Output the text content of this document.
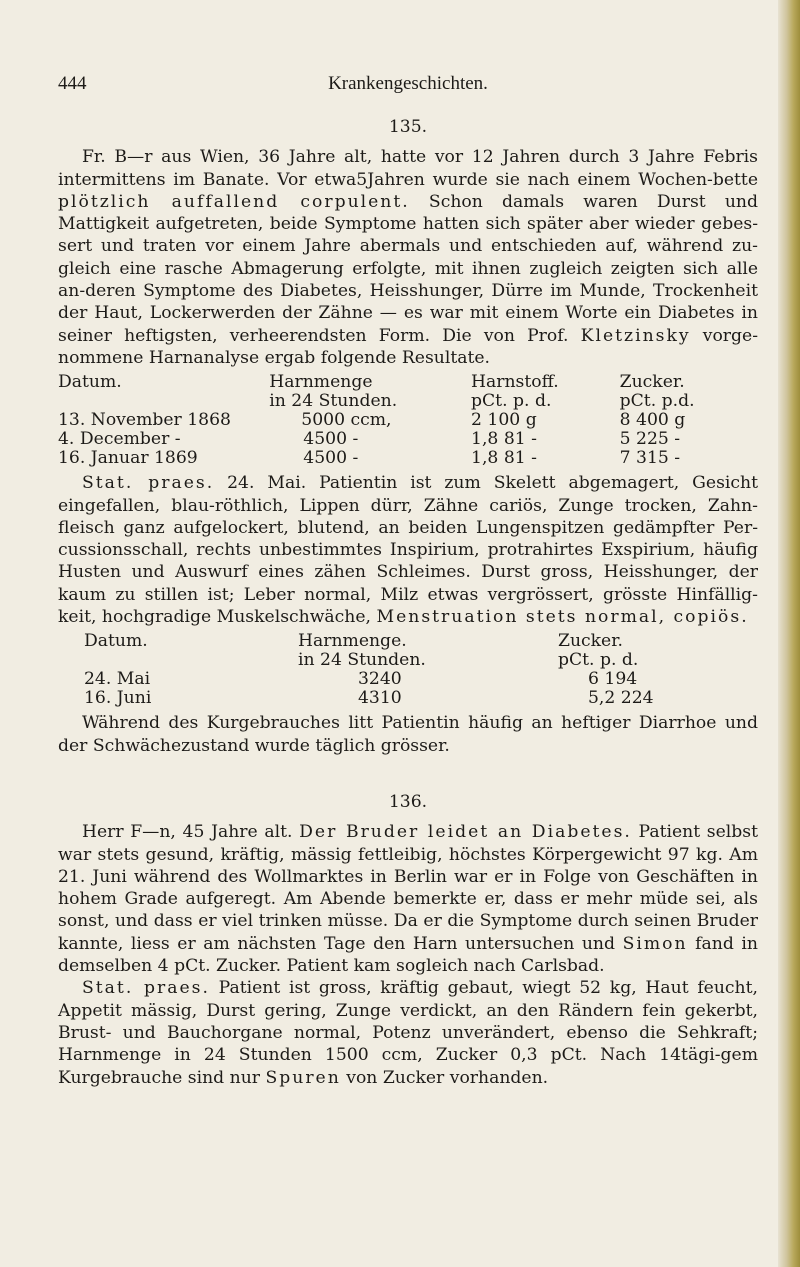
444	Krankengeschichten.
135.

Fr. B—r aus Wien, 36 Jahre alt, hatte vor 12 Jahren durch 3 Jahre Febris intermittens im Banate. Vor etwa5Jahren wurde sie nach einem Wochen-bette plötzlich auffallend corpulent. Schon damals waren Durst und Mattigkeit aufgetreten, beide Symptome hatten sich später aber wieder gebes-sert und traten vor einem Jahre abermals und entschieden auf, während zu-gleich eine rasche Abmagerung erfolgte, mit ihnen zugleich zeigten sich alle an-deren Symptome des Diabetes, Heisshunger, Dürre im Munde, Trockenheit der Haut, Lockerwerden der Zähne — es war mit einem Worte ein Diabetes in seiner heftigsten, verheerendsten Form. Die von Prof. Kletzinsky vorge-nommene Harnanalyse ergab folgende Resultate.

Datum.	Harnmenge	Harnstoff.	Zucker.
	in 24 Stunden.	pCt. p. d.	pCt. p.d.
13. November 1868	5000 ccm,	2 100 g	8 400 g
4. December -	4500 -	1,8 81 -	5 225 -
16. Januar 1869	4500 -	1,8 81 -	7 315 -

Stat. praes. 24. Mai. Patientin ist zum Skelett abgemagert, Gesicht eingefallen, blau-röthlich, Lippen dürr, Zähne cariös, Zunge trocken, Zahn-fleisch ganz aufgelockert, blutend, an beiden Lungenspitzen gedämpfter Per-cussionsschall, rechts unbestimmtes Inspirium, protrahirtes Exspirium, häufig Husten und Auswurf eines zähen Schleimes. Durst gross, Heisshunger, der kaum zu stillen ist; Leber normal, Milz etwas vergrössert, grösste Hinfällig-keit, hochgradige Muskelschwäche, Menstruation stets normal, copiös.

Datum.	Harnmenge.	Zucker.
	in 24 Stunden.	pCt. p. d.
24. Mai	3240	6 194
16. Juni	4310	5,2 224

Während des Kurgebrauches litt Patientin häufig an heftiger Diarrhoe und der Schwächezustand wurde täglich grösser.

136.

Herr F—n, 45 Jahre alt. Der Bruder leidet an Diabetes. Patient selbst war stets gesund, kräftig, mässig fettleibig, höchstes Körpergewicht 97 kg. Am 21. Juni während des Wollmarktes in Berlin war er in Folge von Geschäften in hohem Grade aufgeregt. Am Abende bemerkte er, dass er mehr müde sei, als sonst, und dass er viel trinken müsse. Da er die Symptome durch seinen Bruder kannte, liess er am nächsten Tage den Harn untersuchen und Simon fand in demselben 4 pCt. Zucker. Patient kam sogleich nach Carlsbad.

Stat. praes. Patient ist gross, kräftig gebaut, wiegt 52 kg, Haut feucht, Appetit mässig, Durst gering, Zunge verdickt, an den Rändern fein gekerbt, Brust- und Bauchorgane normal, Potenz unverändert, ebenso die Sehkraft; Harnmenge in 24 Stunden 1500 ccm, Zucker 0,3 pCt. Nach 14tägi-gem Kurgebrauche sind nur Spuren von Zucker vorhanden.
